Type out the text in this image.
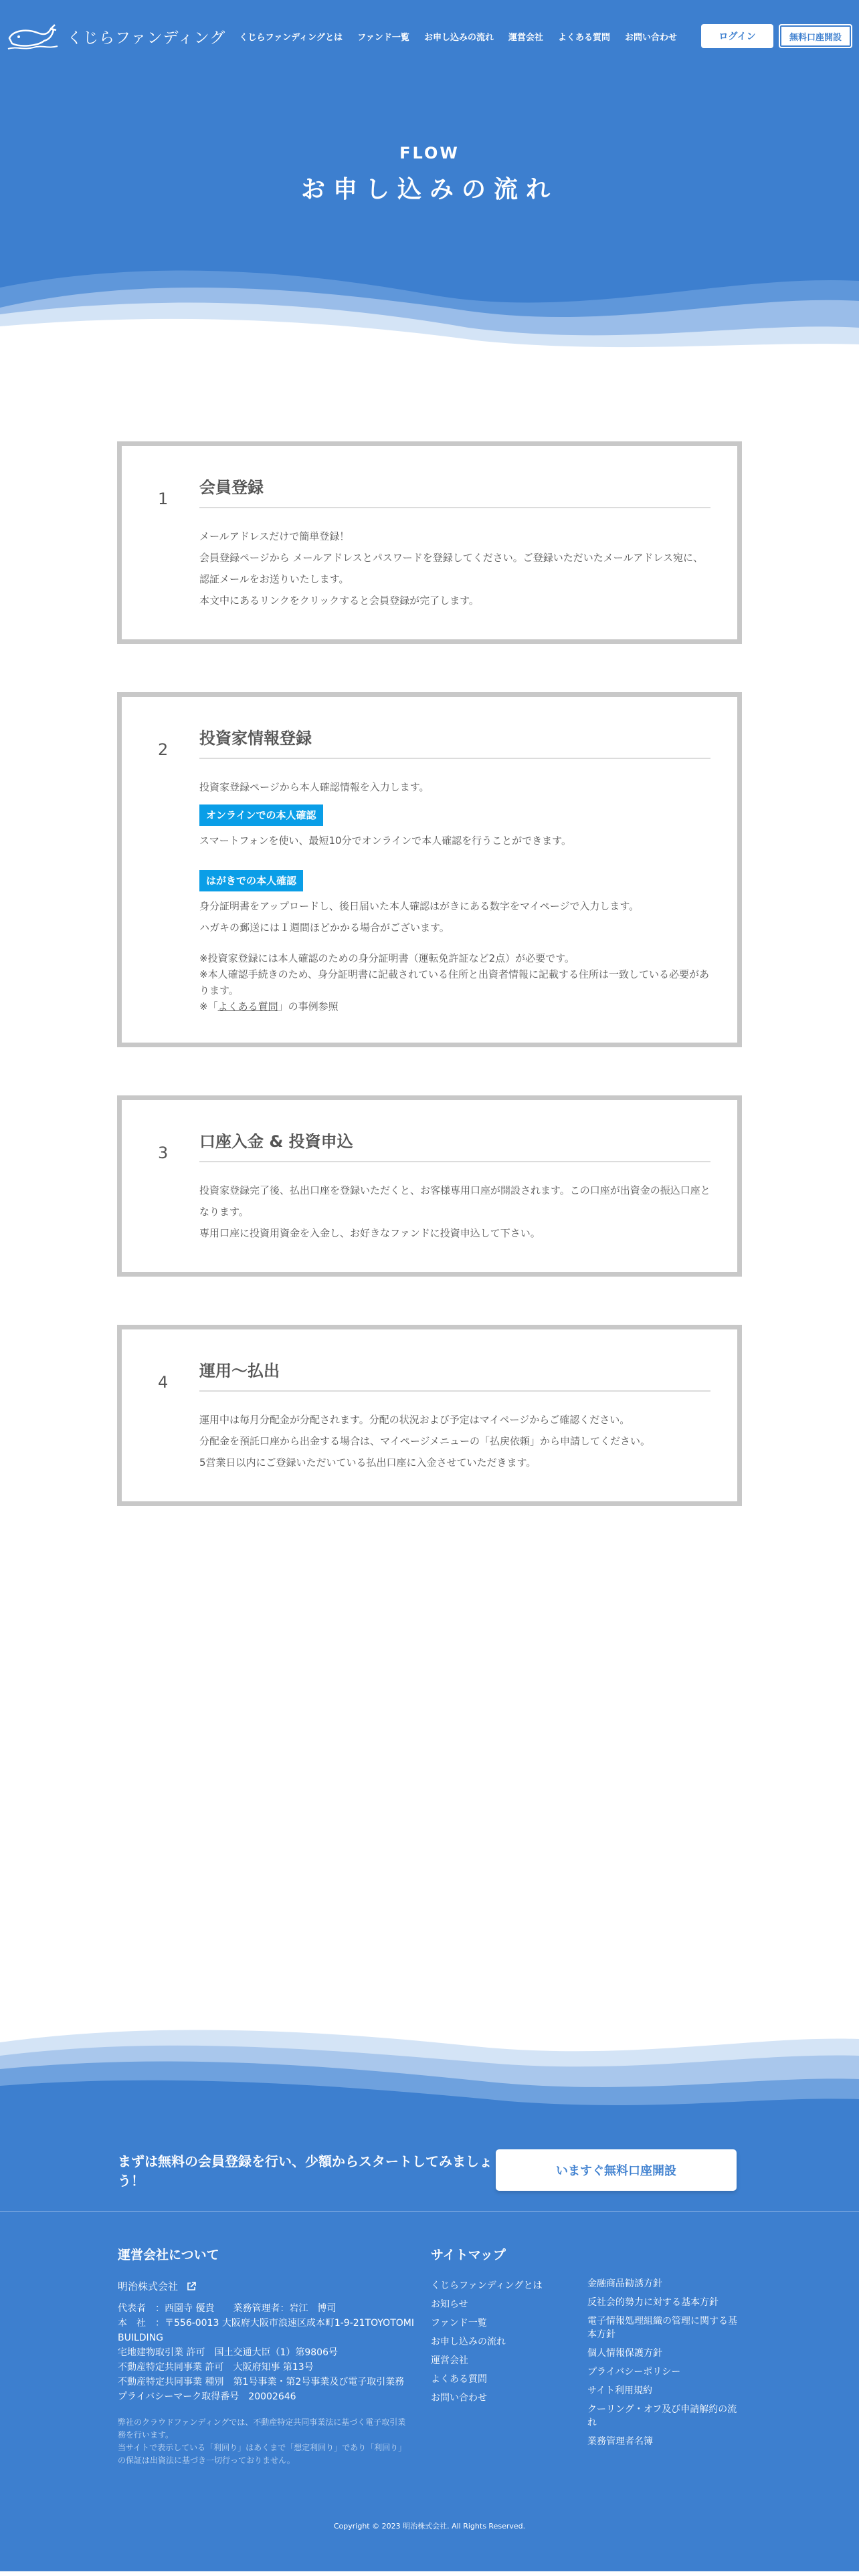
くじらファンディング くじらファンディングとは ファンド一覧 お申し込みの流れ 運営会社 よくある質問 お問い合わせ	ログイン	無料口座開設
FLOW
お申し込みの流れ
1
会員登録

メールアドレスだけで簡単登録！

会員登録ページから メールアドレスとパスワードを登録してください。ご登録いただいたメールアドレス宛に、認証メールをお送りいたします。

本文中にあるリンクをクリックすると会員登録が完了します。

2
投資家情報登録

投資家登録ページから本人確認情報を入力します。

オンラインでの本人確認

スマートフォンを使い、最短10分でオンラインで本人確認を行うことができます。

はがきでの本人確認

身分証明書をアップロードし、後日届いた本人確認はがきにある数字をマイページで入力します。

ハガキの郵送には１週間ほどかかる場合がございます。

※投資家登録には本人確認のための身分証明書（運転免許証など2点）が必要です。

※本人確認手続きのため、身分証明書に記載されている住所と出資者情報に記載する住所は一致している必要があります。

※「よくある質問」の事例参照

3
口座入金 & 投資申込

投資家登録完了後、払出口座を登録いただくと、お客様専用口座が開設されます。この口座が出資金の振込口座となります。

専用口座に投資用資金を入金し、お好きなファンドに投資申込して下さい。

4
運用〜払出

運用中は毎月分配金が分配されます。分配の状況および予定はマイページからご確認ください。

分配金を預託口座から出金する場合は、マイページメニューの「払戻依頼」から申請してください。

5営業日以内にご登録いただいている払出口座に入金させていただきます。

まずは無料の会員登録を行い、少額からスタートしてみましょう！

いますぐ無料口座開設
運営会社について
明治株式会社

代表者　：西園寺 優貴　　業務管理者：岩江　博司

本　社　：〒556-0013 大阪府大阪市浪速区成本町1-9-21TOYOTOMI BUILDING

宅地建物取引業 許可　国土交通大臣（1）第9806号

不動産特定共同事業 許可　大阪府知事 第13号

不動産特定共同事業 種別　第1号事業・第2号事業及び電子取引業務

プライバシーマーク取得番号　20002646

弊社のクラウドファンディングでは、不動産特定共同事業法に基づく電子取引業務を行います。

当サイトで表示している「利回り」はあくまで「想定利回り」であり「利回り」の保証は出資法に基づき一切行っておりません。

サイトマップ
くじらファンディングとは
お知らせ
ファンド一覧
お申し込みの流れ
運営会社
よくある質問
お問い合わせ
金融商品勧誘方針
反社会的勢力に対する基本方針
電子情報処理組織の管理に関する基本方針
個人情報保護方針
プライバシーポリシー
サイト利用規約
クーリング・オフ及び申請解約の流れ
業務管理者名簿

Copyright © 2023 明治株式会社. All Rights Reserved.
